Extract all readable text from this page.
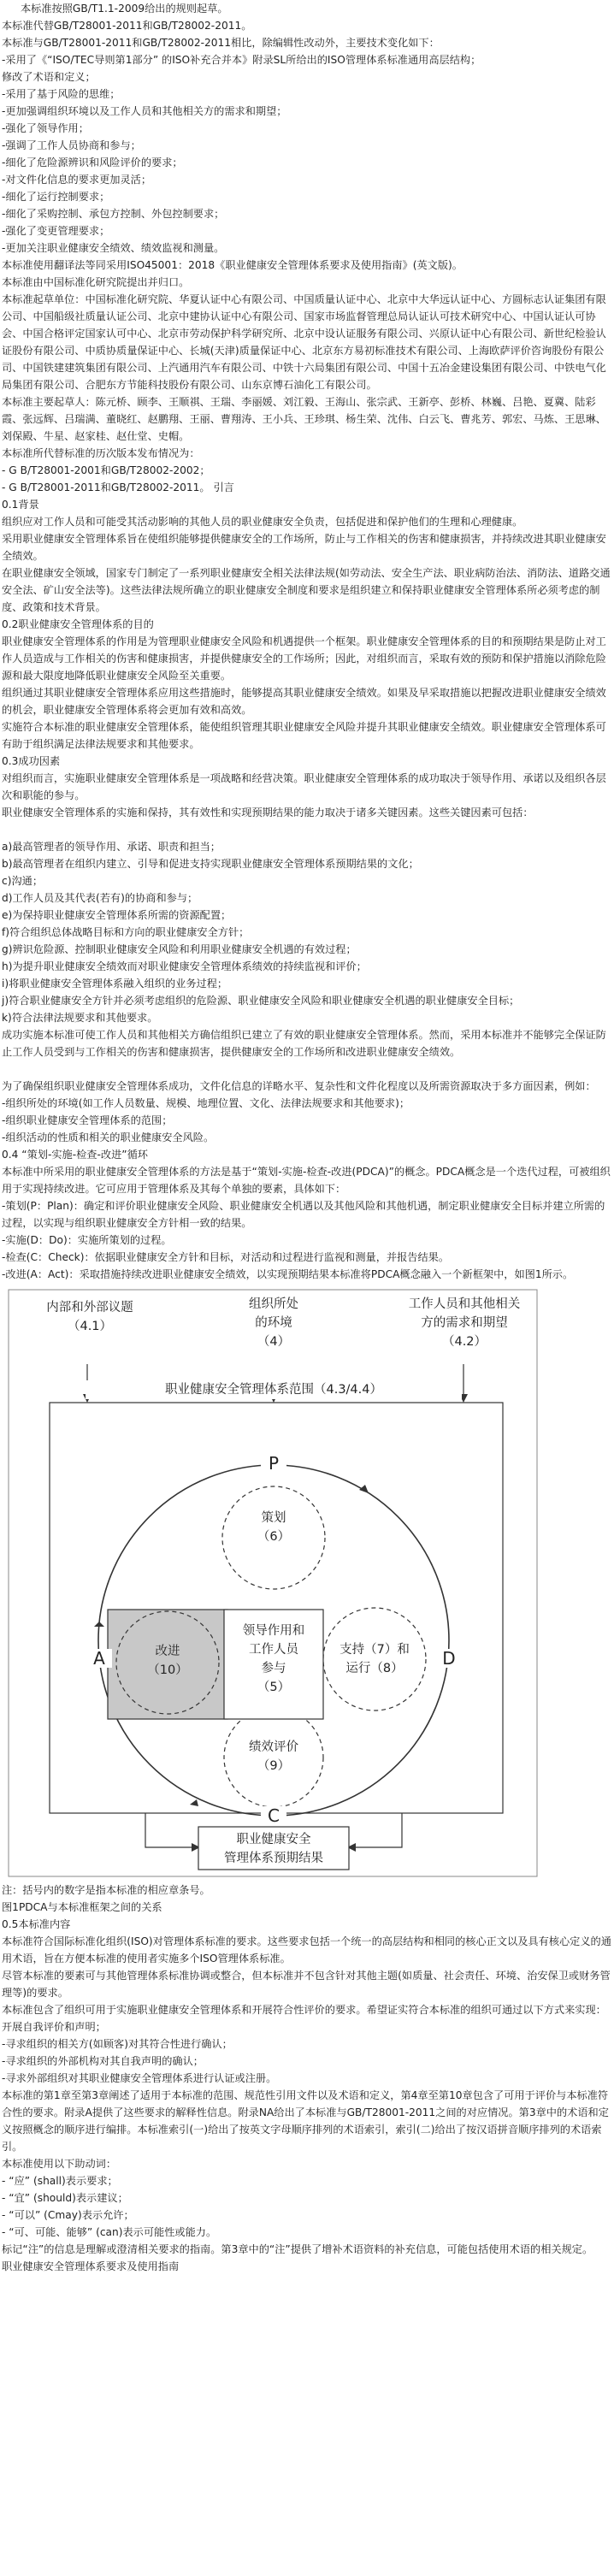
本标准按照GB/T1.1-2009给出的规则起草。
本标准代替GB/T28001-2011和GB/T28002-2011。
本标准与GB/T28001-2011和GB/T28002-2011相比，除编辑性改动外，主要技术变化如下：
-采用了《“ISO/TEC导则第1部分” 的ISO补充合并本》附录SL所给出的ISO管理体系标准通用高层结构；
修改了术语和定义；
-采用了基于风险的思维；
-更加强调组织环境以及工作人员和其他相关方的需求和期望；
-强化了领导作用；
-强调了工作人员协商和参与；
-细化了危险源辨识和风险评价的要求；
-对文件化信息的要求更加灵活；
-细化了运行控制要求；
-细化了采购控制、承包方控制、外包控制要求；
-强化了变更管理要求；
-更加关注职业健康安全绩效、绩效监视和测量。
本标准使用翻译法等同采用ISO45001：2018《职业健康安全管理体系要求及使用指南》(英文版)。
本标准由中国标准化研究院提出并归口。
本标准起草单位：中国标准化研究院、华夏认证中心有限公司、中国质量认证中心、北京中大华远认证中心、方圆标志认证集团有限公司、中国船级社质量认证公司、北京中建协认证中心有限公司、国家市场监督管理总局认证认可技术研究中心、中国认证认可协会、中国合格评定国家认可中心、北京市劳动保护科学研究所、北京中设认证服务有限公司、兴原认证中心有限公司、新世纪检验认证股份有限公司、中质协质量保证中心、长城(天津)质量保证中心、北京东方易初标准技术有限公司、上海欧萨评价咨询股份有限公司、中国铁建建筑集团有限公司、上汽通用汽车有限公司、中铁十六局集团有限公司、中国十五冶金建设集团有限公司、中铁电气化局集团有限公司、合肥东方节能科技股份有限公司、山东京博石油化工有限公司。
本标准主要起草人：陈元桥、顾李、王顺祺、王瑞、李丽媛、刘江毅、王海山、张宗武、王新亭、彭桥、林巍、吕艳、夏冀、陆彩霞、张远辉、吕瑞满、董晓红、赵鹏翔、王丽、曹翔涛、王小兵、王珍琪、杨生荣、沈伟、白云飞、曹兆芳、郭宏、马炼、王思琳、刘保殿、牛星、赵家桂、赵仕堂、史帽。
本标准所代替标准的历次版本发布情况为：
- G B/T28001-2001和GB/T28002-2002；
- G B/T28001-2011和GB/T28002-2011。 引言
0.1背景
组织应对工作人员和可能受其活动影响的其他人员的职业健康安全负责，包括促进和保护他们的生理和心理健康。
采用职业健康安全管理体系旨在使组织能够提供健康安全的工作场所，防止与工作相关的伤害和健康损害，并持续改进其职业健康安全绩效。
在职业健康安全领域，国家专门制定了一系列职业健康安全相关法律法规(如劳动法、安全生产法、职业病防治法、消防法、道路交通安全法、矿山安全法等)。这些法律法规所确立的职业健康安全制度和要求是组织建立和保持职业健康安全管理体系所必须考虑的制度、政策和技术背景。
0.2职业健康安全管理体系的目的
职业健康安全管理体系的作用是为管理职业健康安全风险和机遇提供一个框架。职业健康安全管理体系的目的和预期结果是防止对工作人员造成与工作相关的伤害和健康损害，并提供健康安全的工作场所；因此，对组织而言，采取有效的预防和保护措施以消除危险源和最大限度地降低职业健康安全风险至关重要。
组织通过其职业健康安全管理体系应用这些措施时，能够提高其职业健康安全绩效。如果及早采取措施以把握改进职业健康安全绩效的机会，职业健康安全管理体系将会更加有效和高效。
实施符合本标准的职业健康安全管理体系，能使组织管理其职业健康安全风险并提升其职业健康安全绩效。职业健康安全管理体系可有助于组织满足法律法规要求和其他要求。
0.3成功因素
对组织而言，实施职业健康安全管理体系是一项战略和经营决策。职业健康安全管理体系的成功取决于领导作用、承诺以及组织各层次和职能的参与。
职业健康安全管理体系的实施和保持，其有效性和实现预期结果的能力取决于诸多关键因素。这些关键因素可包括：
a)最高管理者的领导作用、承诺、职责和担当；
b)最高管理者在组织内建立、引导和促进支持实现职业健康安全管理体系预期结果的文化；
c)沟通；
d)工作人员及其代表(若有)的协商和参与；
e)为保持职业健康安全管理体系所需的资源配置；
f)符合组织总体战略目标和方向的职业健康安全方针；
g)辨识危险源、控制职业健康安全风险和利用职业健康安全机遇的有效过程；
h)为提升职业健康安全绩效而对职业健康安全管理体系绩效的持续监视和评价；
i)将职业健康安全管理体系融入组织的业务过程；
j)符合职业健康安全方针并必须考虑组织的危险源、职业健康安全风险和职业健康安全机遇的职业健康安全目标；
k)符合法律法规要求和其他要求。
成功实施本标准可使工作人员和其他相关方确信组织已建立了有效的职业健康安全管理体系。然而，采用本标准并不能够完全保证防止工作人员受到与工作相关的伤害和健康损害，提供健康安全的工作场所和改进职业健康安全绩效。
为了确保组织职业健康安全管理体系成功，文件化信息的详略水平、复杂性和文件化程度以及所需资源取决于多方面因素，例如：
-组织所处的环境(如工作人员数量、规模、地理位置、文化、法律法规要求和其他要求)；
-组织职业健康安全管理体系的范围；
-组织活动的性质和相关的职业健康安全风险。
0.4 “策划-实施-检查-改进”循环
本标准中所采用的职业健康安全管理体系的方法是基于“策划-实施-检查-改进(PDCA)”的概念。PDCA概念是一个迭代过程，可被组织用于实现持续改进。它可应用于管理体系及其每个单独的要素，具体如下：
-策划(P：Plan)：确定和评价职业健康安全风险、职业健康安全机遇以及其他风险和其他机遇，制定职业健康安全目标并建立所需的过程，以实现与组织职业健康安全方针相一致的结果。
-实施(D：Do)：实施所策划的过程。
-检查(C：Check)：依据职业健康安全方针和目标，对活动和过程进行监视和测量，并报告结果。
-改进(A：Act)：采取措施持续改进职业健康安全绩效，以实现预期结果本标准将PDCA概念融入一个新框架中，如图1所示。
内部和外部议题
（4.1）
组织所处
的环境
（4）
工作人员和其他相关
方的需求和期望
（4.2）
职业健康安全管理体系范围（4.3/4.4）
策划
（6）
领导作用和
工作人员
参与
（5）
支持（7）和
运行（8）
改进
（10）
绩效评价
（9）
P
D
C
A
职业健康安全
管理体系预期结果
注：括号内的数字是指本标准的相应章条号。
图1PDCA与本标准框架之间的关系
0.5本标准内容
本标准符合国际标准化组织(ISO)对管理体系标准的要求。这些要求包括一个统一的高层结构和相同的核心正文以及具有核心定义的通用术语，旨在方便本标准的使用者实施多个ISO管理体系标准。
尽管本标准的要素可与其他管理体系标准协调或整合，但本标准并不包含针对其他主题(如质量、社会责任、环境、治安保卫或财务管理等)的要求。
本标准包含了组织可用于实施职业健康安全管理体系和开展符合性评价的要求。希望证实符合本标准的组织可通过以下方式来实现：开展自我评价和声明；
-寻求组织的相关方(如顾客)对其符合性进行确认；
-寻求组织的外部机构对其自我声明的确认；
-寻求外部组织对其职业健康安全管理体系进行认证或注册。
本标准的第1章至第3章阐述了适用于本标准的范围、规范性引用文件以及术语和定义，第4章至第10章包含了可用于评价与本标准符合性的要求。附录A提供了这些要求的解释性信息。附录NA给出了本标准与GB/T28001-2011之间的对应情况。第3章中的术语和定义按照概念的顺序进行编排。本标准索引(一)给出了按英文字母顺序排列的术语索引，索引(二)给出了按汉语拼音顺序排列的术语索引。
本标准使用以下助动词：
- “应” (shall)表示要求；
- “宜” (should)表示建议；
- “可以” (Cmay)表示允许；
- “可、可能、能够” (can)表示可能性或能力。
标记“注”的信息是理解或澄清相关要求的指南。第3章中的“注”提供了增补术语资料的补充信息，可能包括使用术语的相关规定。
职业健康安全管理体系要求及使用指南
